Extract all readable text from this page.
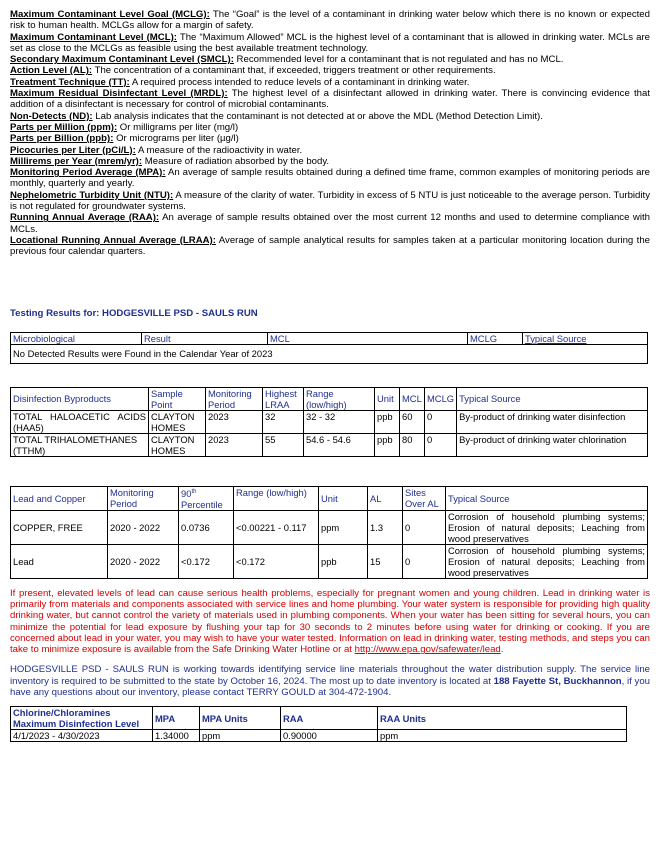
Maximum Contaminant Level Goal (MCLG): The “Goal” is the level of a contaminant in drinking water below which there is no known or expected risk to human health. MCLGs allow for a margin of safety.

Maximum Contaminant Level (MCL): The “Maximum Allowed” MCL is the highest level of a contaminant that is allowed in drinking water. MCLs are set as close to the MCLGs as feasible using the best available treatment technology.

Secondary Maximum Contaminant Level (SMCL): Recommended level for a contaminant that is not regulated and has no MCL.

Action Level (AL): The concentration of a contaminant that, if exceeded, triggers treatment or other requirements.

Treatment Technique (TT): A required process intended to reduce levels of a contaminant in drinking water.

Maximum Residual Disinfectant Level (MRDL): The highest level of a disinfectant allowed in drinking water. There is convincing evidence that addition of a disinfectant is necessary for control of microbial contaminants.

Non-Detects (ND): Lab analysis indicates that the contaminant is not detected at or above the MDL (Method Detection Limit).

Parts per Million (ppm): Or milligrams per liter (mg/l)

Parts per Billion (ppb): Or micrograms per liter (µg/l)

Picocuries per Liter (pCi/L): A measure of the radioactivity in water.

Millirems per Year (mrem/yr): Measure of radiation absorbed by the body.

Monitoring Period Average (MPA): An average of sample results obtained during a defined time frame, common examples of monitoring periods are monthly, quarterly and yearly.

Nephelometric Turbidity Unit (NTU): A measure of the clarity of water. Turbidity in excess of 5 NTU is just noticeable to the average person. Turbidity is not regulated for groundwater systems.

Running Annual Average (RAA): An average of sample results obtained over the most current 12 months and used to determine compliance with MCLs.

Locational Running Annual Average (LRAA): Average of sample analytical results for samples taken at a particular monitoring location during the previous four calendar quarters.

Testing Results for: HODGESVILLE PSD - SAULS RUN

Microbiological	Result	MCL	MCLG	Typical Source
No Detected Results were Found in the Calendar Year of 2023
Disinfection Byproducts	Sample Point	Monitoring Period	Highest LRAA	Range (low/high)	Unit	MCL	MCLG	Typical Source
TOTAL HALOACETIC ACIDS (HAA5)	CLAYTON HOMES	2023	32	32 - 32	ppb	60	0	By-product of drinking water disinfection
TOTAL TRIHALOMETHANES (TTHM)	CLAYTON HOMES	2023	55	54.6 - 54.6	ppb	80	0	By-product of drinking water chlorination
Lead and Copper	Monitoring Period	90th Percentile	Range (low/high)	Unit	AL	Sites Over AL	Typical Source
COPPER, FREE	2020 - 2022	0.0736	<0.00221 - 0.117	ppm	1.3	0	Corrosion of household plumbing systems; Erosion of natural deposits; Leaching from wood preservatives
Lead	2020 - 2022	<0.172	<0.172	ppb	15	0	Corrosion of household plumbing systems; Erosion of natural deposits; Leaching from wood preservatives

If present, elevated levels of lead can cause serious health problems, especially for pregnant women and young children. Lead in drinking water is primarily from materials and components associated with service lines and home plumbing. Your water system is responsible for providing high quality drinking water, but cannot control the variety of materials used in plumbing components. When your water has been sitting for several hours, you can minimize the potential for lead exposure by flushing your tap for 30 seconds to 2 minutes before using water for drinking or cooking. If you are concerned about lead in your water, you may wish to have your water tested. Information on lead in drinking water, testing methods, and steps you can take to minimize exposure is available from the Safe Drinking Water Hotline or at http://www.epa.gov/safewater/lead.

HODGESVILLE PSD - SAULS RUN is working towards identifying service line materials throughout the water distribution supply. The service line inventory is required to be submitted to the state by October 16, 2024. The most up to date inventory is located at 188 Fayette St, Buckhannon, if you have any questions about our inventory, please contact TERRY GOULD at 304-472-1904.

Chlorine/Chloramines
Maximum Disinfection Level	MPA	MPA Units	RAA	RAA Units
4/1/2023 - 4/30/2023	1.34000	ppm	0.90000	ppm
